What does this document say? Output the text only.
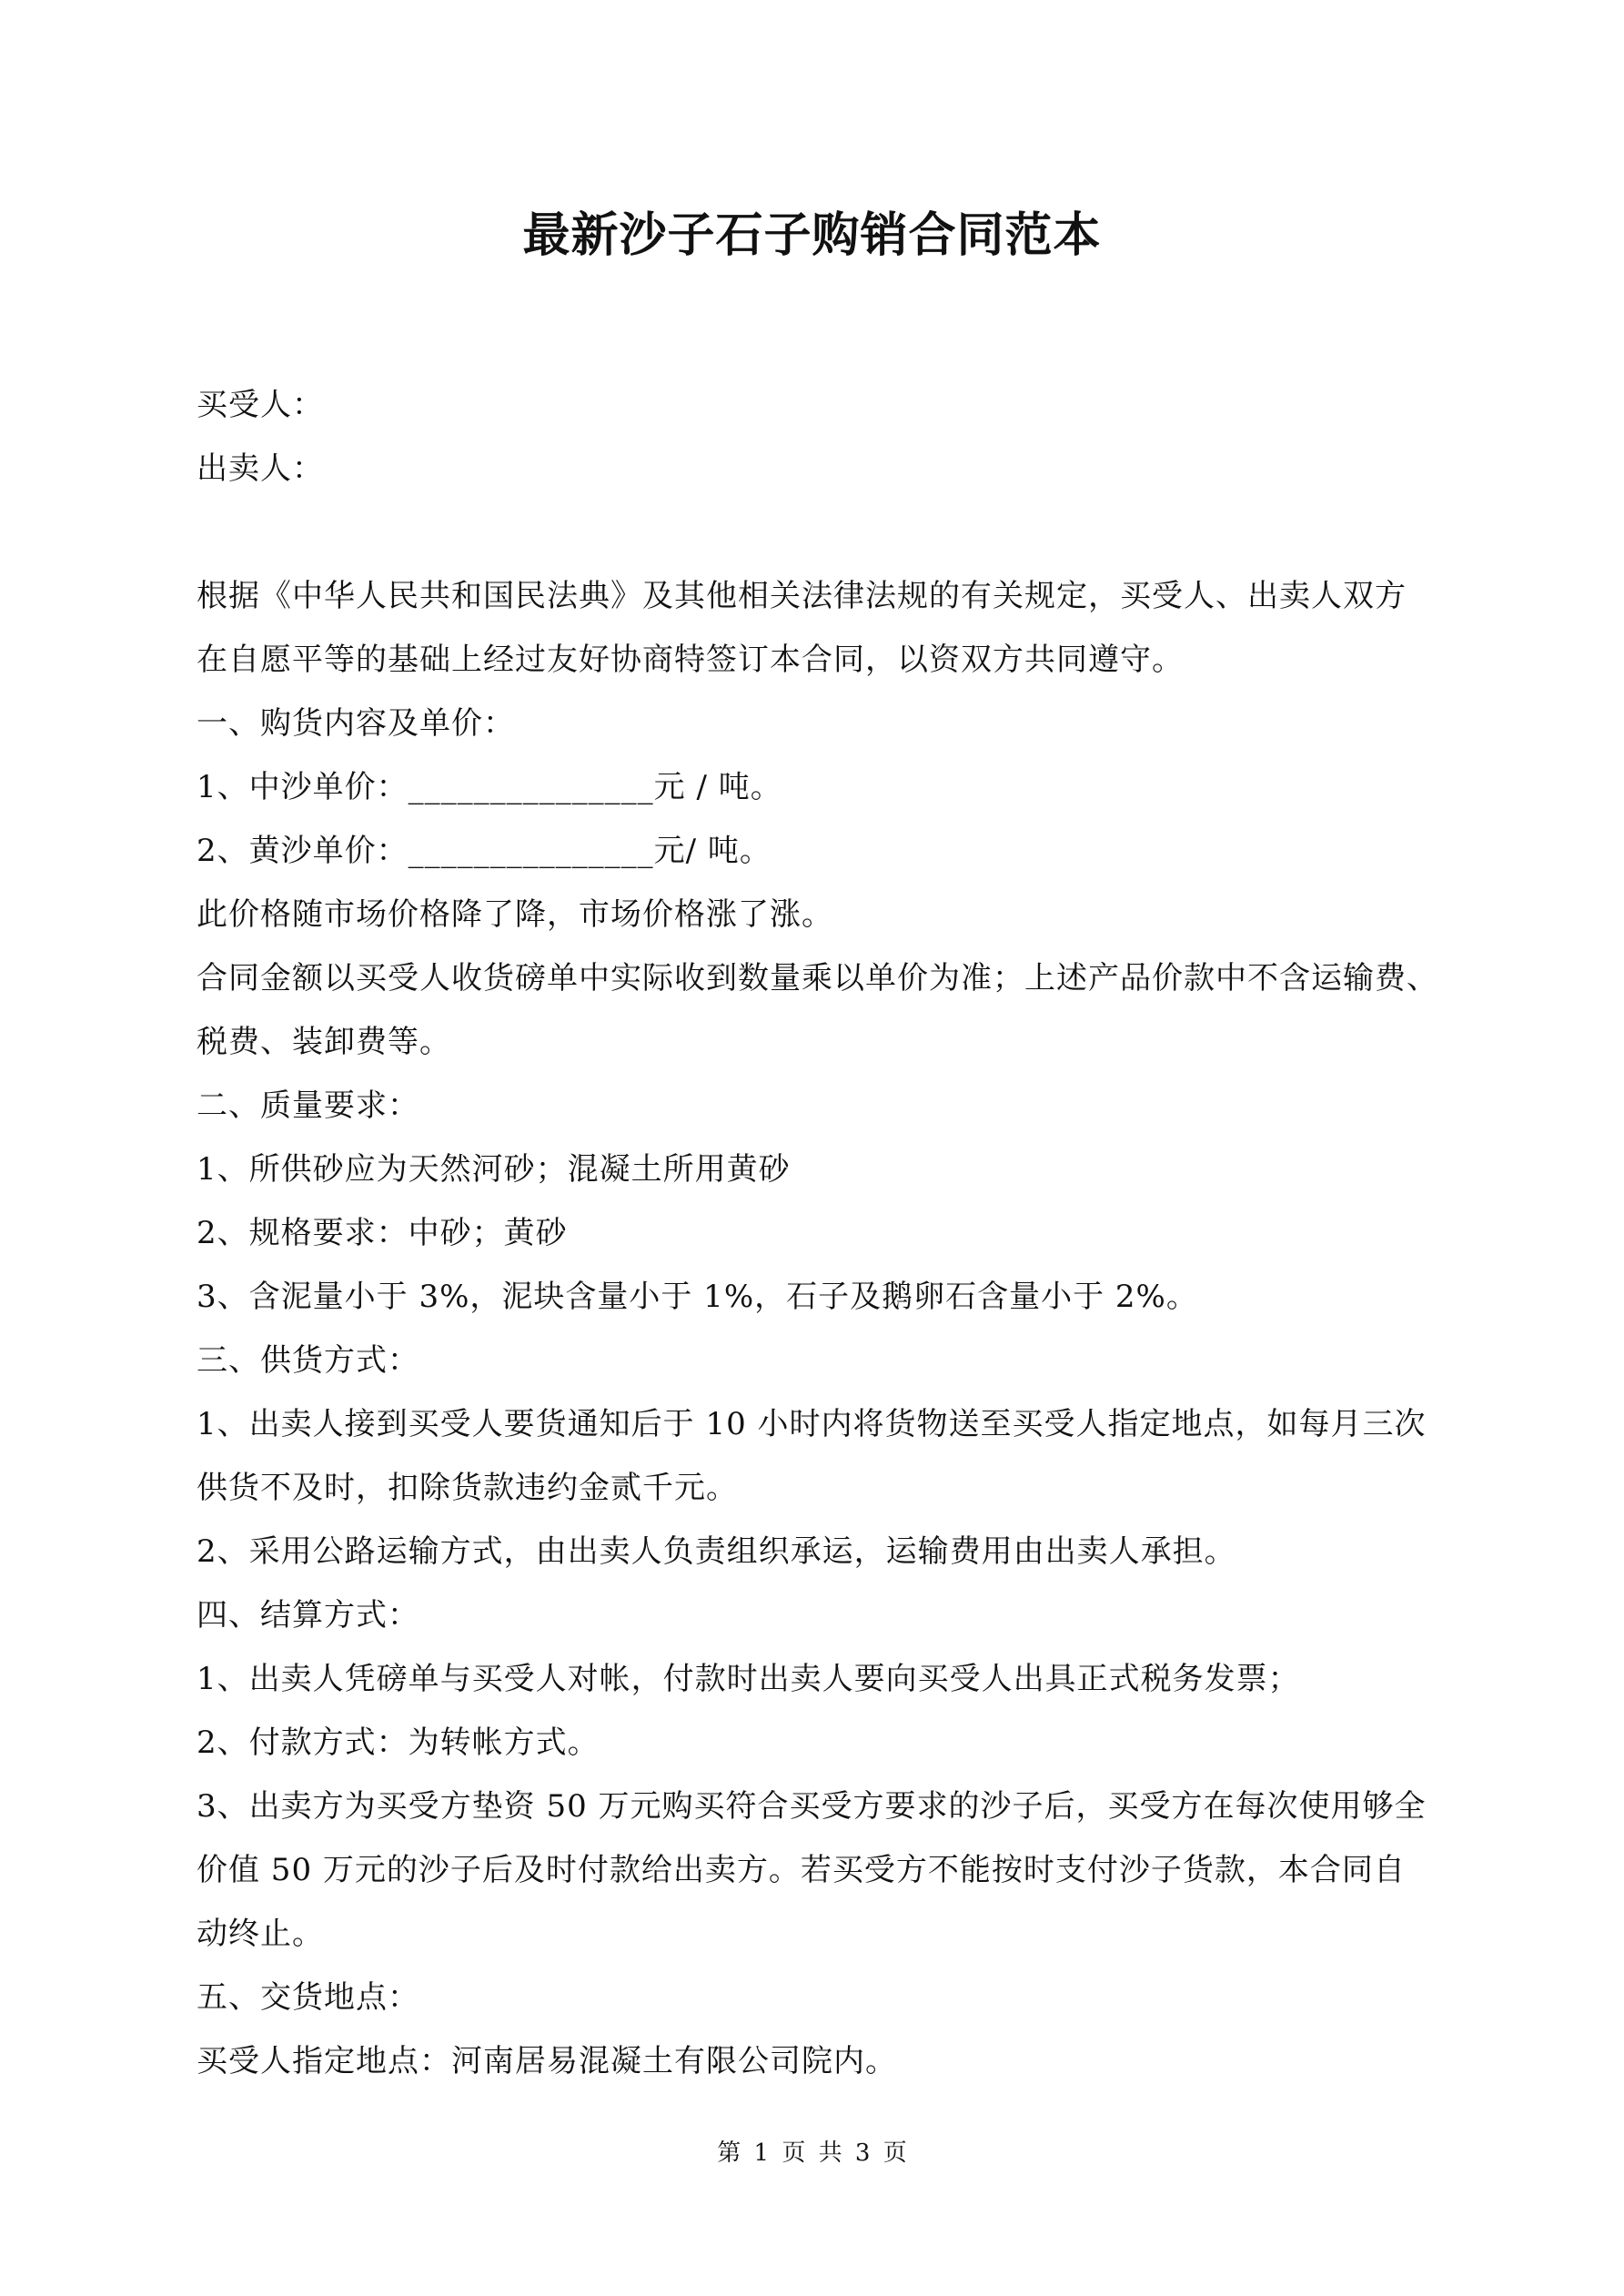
最新沙子石子购销合同范本
买受人：
出卖人：
根据《中华人民共和国民法典》及其他相关法律法规的有关规定，买受人、出卖人双方
在自愿平等的基础上经过友好协商特签订本合同，以资双方共同遵守。
一、购货内容及单价：
1、中沙单价：_______________元 / 吨。
2、黄沙单价：_______________元/ 吨。
此价格随市场价格降了降，市场价格涨了涨。
合同金额以买受人收货磅单中实际收到数量乘以单价为准；上述产品价款中不含运输费、
税费、装卸费等。
二、质量要求：
1、所供砂应为天然河砂；混凝土所用黄砂
2、规格要求：中砂；黄砂
3、含泥量小于 3%，泥块含量小于 1%，石子及鹅卵石含量小于 2%。
三、供货方式：
1、出卖人接到买受人要货通知后于 10 小时内将货物送至买受人指定地点，如每月三次
供货不及时，扣除货款违约金贰千元。
2、采用公路运输方式，由出卖人负责组织承运，运输费用由出卖人承担。
四、结算方式：
1、出卖人凭磅单与买受人对帐，付款时出卖人要向买受人出具正式税务发票；
2、付款方式：为转帐方式。
3、出卖方为买受方垫资 50 万元购买符合买受方要求的沙子后，买受方在每次使用够全
价值 50 万元的沙子后及时付款给出卖方。若买受方不能按时支付沙子货款，本合同自
动终止。
五、交货地点：
买受人指定地点：河南居易混凝土有限公司院内。
第 1 页 共 3 页
